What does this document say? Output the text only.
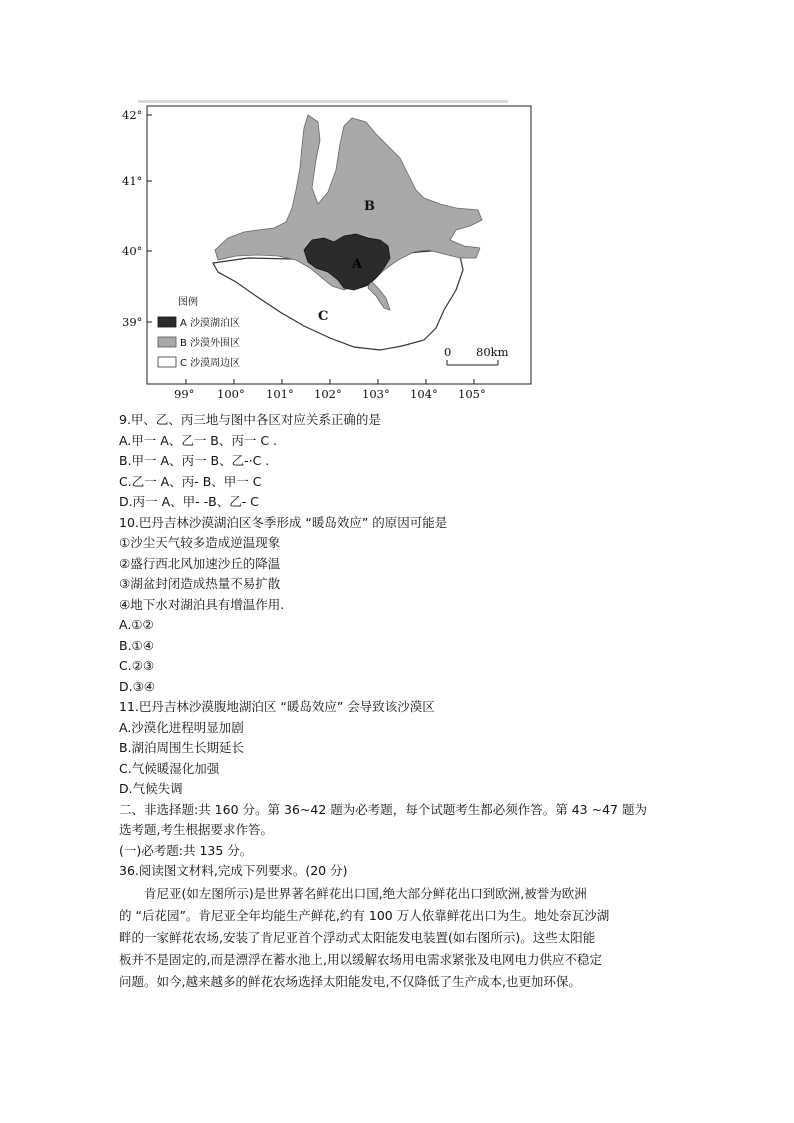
B
A
C
42°
41°
40°
39°
99° 100° 101° 102° 103° 104° 105°
图例
A 沙漠湖泊区
B 沙漠外围区
C 沙漠周边区
0 80km
9.甲、乙、丙三地与图中各区对应关系正确的是
A.甲一 A、乙一 B、丙一 C .
B.甲一 A、丙一 B、乙-·C .
C.乙一 A、丙- B、甲一 C
D.丙一 A、甲- -B、乙- C
10.巴丹吉林沙漠湖泊区冬季形成 “暖岛效应” 的原因可能是
①沙尘天气较多造成逆温现象
②盛行西北风加速沙丘的降温
③湖盆封闭造成热量不易扩散
④地下水对湖泊具有增温作用.
A.①②
B.①④
C.②③
D.③④
11.巴丹吉林沙漠腹地湖泊区 “暖岛效应” 会导致该沙漠区
A.沙漠化进程明显加剧
B.湖泊周围生长期延长
C.气候暖湿化加强
D.气候失调
二、非选择题:共 160 分。第 36~42 题为必考题，每个试题考生都必须作答。第 43 ~47 题为
选考题,考生根据要求作答。
(一)必考题:共 135 分。
36.阅读图文材料,完成下列要求。(20 分)
肯尼亚(如左图所示)是世界著名鲜花出口国,绝大部分鲜花出口到欧洲,被誉为欧洲
的 “后花园”。肯尼亚全年均能生产鲜花,约有 100 万人依靠鲜花出口为生。地处奈瓦沙湖
畔的一家鲜花农场,安装了肯尼亚首个浮动式太阳能发电装置(如右图所示)。这些太阳能
板并不是固定的,而是漂浮在蓄水池上,用以缓解农场用电需求紧张及电网电力供应不稳定
问题。如今,越来越多的鲜花农场选择太阳能发电,不仅降低了生产成本,也更加环保。
